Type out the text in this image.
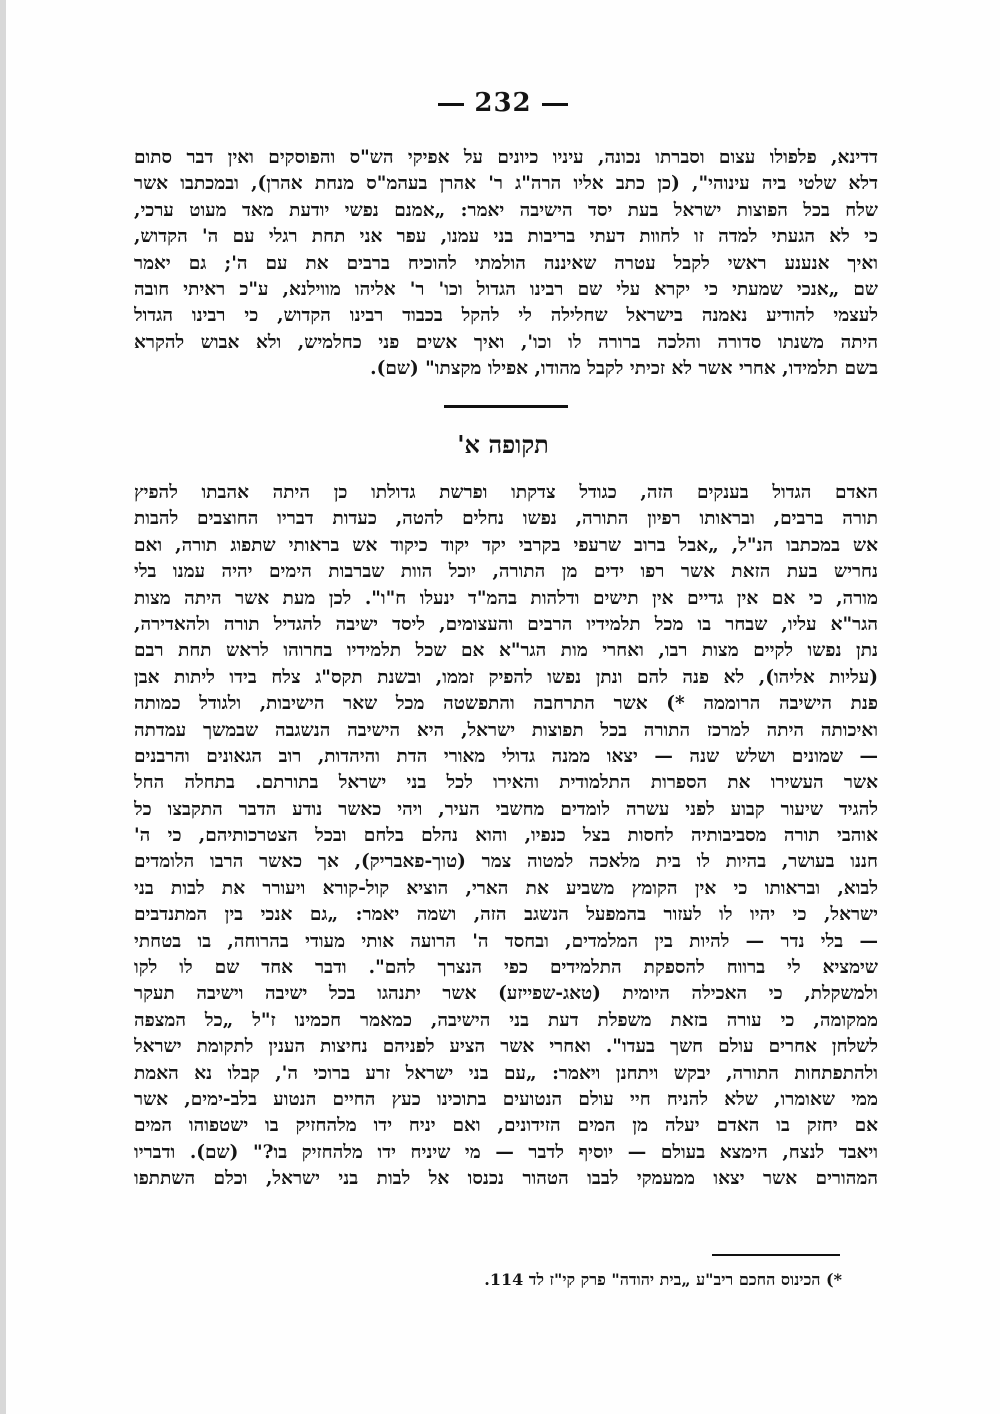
232
דדינא, פלפולו עצום וסברתו נכונה, עיניו כיונים על אפיקי הש"ס והפוסקים ואין דבר סתום
דלא שלטי ביה עינוהי", (כן כתב אליו הרה"ג ר' אהרן בעהמ"ס מנחת אהרן), ובמכתבו אשר
שלח בכל הפוצות ישראל בעת יסד הישיבה יאמר: „אמנם נפשי יודעת מאד מעוט ערכי,
כי לא הגעתי למדה זו לחוות דעתי בריבות בני עמנו, עפר אני תחת רגלי עם ה' הקדוש,
ואיך אנענע ראשי לקבל עטרה שאיננה הולמתי להוכיח ברבים את עם ה'; גם יאמר
שם „אנכי שמעתי כי יקרא עלי שם רבינו הגדול וכו' ר' אליהו מווילנא, ע"כ ראיתי חובה
לעצמי להודיע נאמנה בישראל שחלילה לי להקל בכבוד רבינו הקדוש, כי רבינו הגדול
היתה משנתו סדורה והלכה ברורה לו וכו', ואיך אשים פני כחלמיש, ולא אבוש להקרא
בשם תלמידו, אחרי אשר לא זכיתי לקבל מהודו, אפילו מקצתו" (שם).
תקופה א'
האדם הגדול בענקים הזה, כגודל צדקתו ופרשת גדולתו כן היתה אהבתו להפיץ
תורה ברבים, ובראותו רפיון התורה, נפשו נחלים להטה, כעדות דבריו החוצבים להבות
אש במכתבו הנ"ל, „אבל ברוב שרעפי בקרבי יקד יקוד כיקוד אש בראותי שתפוג תורה, ואם
נחריש בעת הזאת אשר רפו ידים מן התורה, יוכל הוות שברבות הימים יהיה עמנו בלי
מורה, כי אם אין גדיים אין תישים ודלהות בהמ"ד ינעלו ח"ו". לכן מעת אשר היתה מצות
הגר"א עליו, שבחר בו מכל תלמידיו הרבים והעצומים, ליסד ישיבה להגדיל תורה ולהאדירה,
נתן נפשו לקיים מצות רבו, ואחרי מות הגר"א אם שכל תלמידיו בחרוהו לראש תחת רבם
(עליות אליהו), לא פנה להם ונתן נפשו להפיק זממו, ובשנת תקס"ג צלח בידו ליתות אבן
פנת הישיבה הרוממה *) אשר התרחבה והתפשטה מכל שאר הישיבות, ולגודל כמותה
ואיכותה היתה למרכז התורה בכל תפוצות ישראל, היא הישיבה הנשגבה שבמשך עמדתה
— שמונים ושלש שנה — יצאו ממנה גדולי מאורי הדת והיהדות, רוב הגאונים והרבנים
אשר העשירו את הספרות התלמודית והאירו לכל בני ישראל בתורתם. בתחלה החל
להגיד שיעור קבוע לפני עשרה לומדים מחשבי העיר, ויהי כאשר נודע הדבר התקבצו כל
אוהבי תורה מסביבותיה לחסות בצל כנפיו, והוא נהלם בלחם ובכל הצטרכותיהם, כי ה'
חננו בעושר, בהיות לו בית מלאכה למטוה צמר (טוך-פאבריק), אך כאשר הרבו הלומדים
לבוא, ובראותו כי אין הקומץ משביע את הארי, הוציא קול-קורא ויעורר את לבות בני
ישראל, כי יהיו לו לעזור בהמפעל הנשגב הזה, ושמה יאמר: „גם אנכי בין המתנדבים
— בלי נדר — להיות בין המלמדים, ובחסד ה' הרועה אותי מעודי בהרוחה, בו בטחתי
שימציא לי ברווח להספקת התלמידים כפי הנצרך להם". ודבר אחד שם לו לקו
ולמשקלת, כי האכילה היומית (טאג-שפייזע) אשר יתנהגו בכל ישיבה וישיבה תעקר
ממקומה, כי עורה בזאת משפלת דעת בני הישיבה, כמאמר חכמינו ז"ל „כל המצפה
לשלחן אחרים עולם חשך בעדו". ואחרי אשר הציע לפניהם נחיצות הענין לתקומת ישראל
ולהתפתחות התורה, יבקש ויתחנן ויאמר: „עם בני ישראל זרע ברוכי ה', קבלו נא האמת
ממי שאומרו, שלא להניח חיי עולם הנטועים בתוכינו כעץ החיים הנטוע בלב-ימים, אשר
אם יחזק בו האדם יעלה מן המים הזידונים, ואם יניח ידו מלהחזיק בו ישטפוהו המים
ויאבד לנצח, הימצא בעולם — יוסיף לדבר — מי שיניח ידו מלהחזיק בו?" (שם). ודבריו
המהורים אשר יצאו ממעמקי לבבו הטהור נכנסו אל לבות בני ישראל, וכלם השתתפו
*) הכינוס החכם ריב"ע „בית יהודה" פרק קי"ז לד 114.
